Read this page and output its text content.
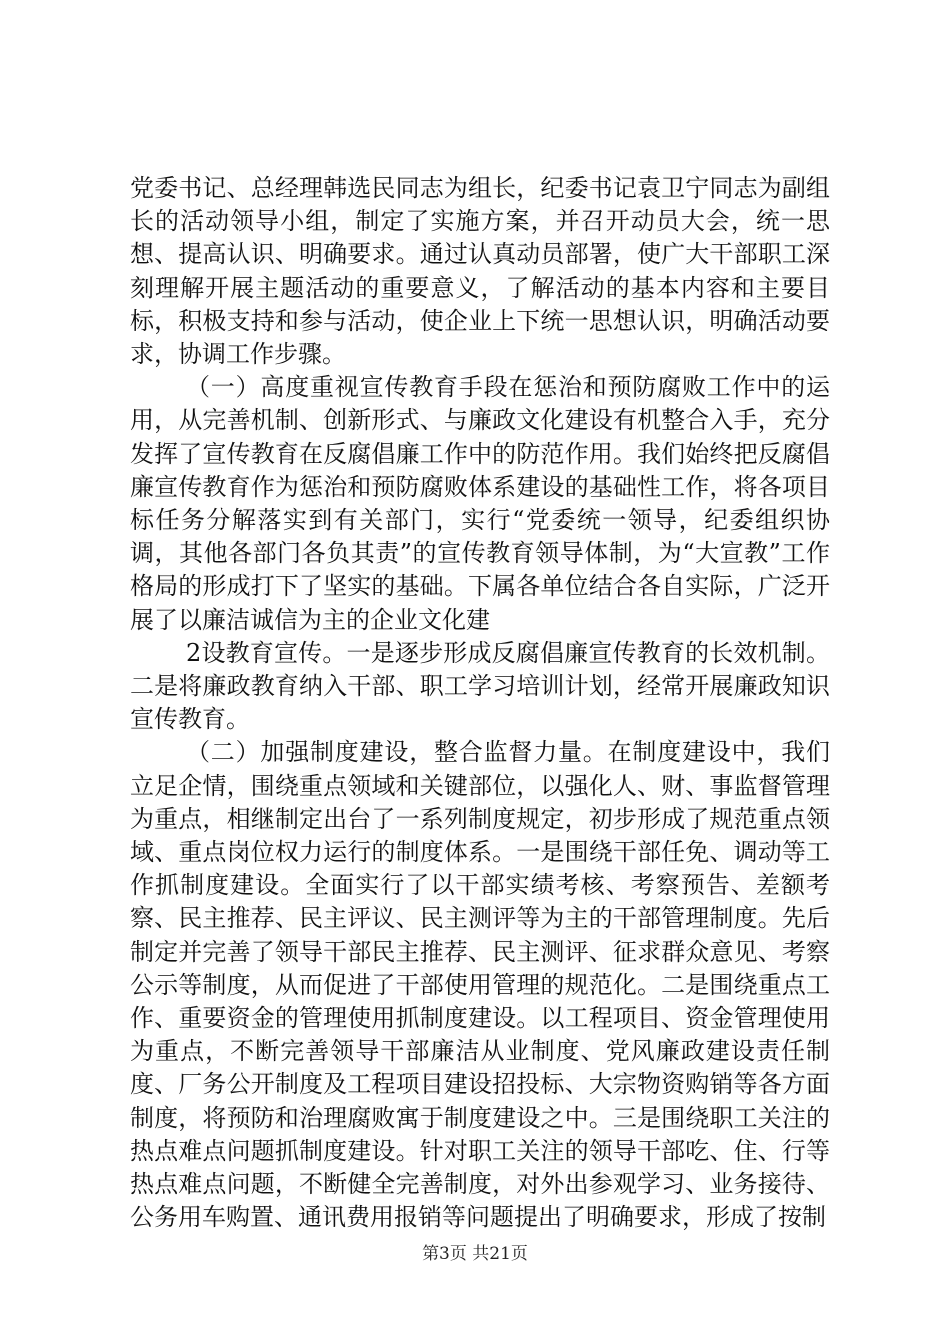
党委书记、总经理韩选民同志为组长，纪委书记袁卫宁同志为副组长的活动领导小组，制定了实施方案，并召开动员大会，统一思想、提高认识、明确要求。通过认真动员部署，使广大干部职工深刻理解开展主题活动的重要意义，了解活动的基本内容和主要目标，积极支持和参与活动，使企业上下统一思想认识，明确活动要求，协调工作步骤。

（一）高度重视宣传教育手段在惩治和预防腐败工作中的运用，从完善机制、创新形式、与廉政文化建设有机整合入手，充分发挥了宣传教育在反腐倡廉工作中的防范作用。我们始终把反腐倡廉宣传教育作为惩治和预防腐败体系建设的基础性工作，将各项目标任务分解落实到有关部门，实行“党委统一领导，纪委组织协调，其他各部门各负其责”的宣传教育领导体制，为“大宣教”工作格局的形成打下了坚实的基础。下属各单位结合各自实际，广泛开展了以廉洁诚信为主的企业文化建

2设教育宣传。一是逐步形成反腐倡廉宣传教育的长效机制。二是将廉政教育纳入干部、职工学习培训计划，经常开展廉政知识宣传教育。

（二）加强制度建设，整合监督力量。在制度建设中，我们立足企情，围绕重点领域和关键部位，以强化人、财、事监督管理为重点，相继制定出台了一系列制度规定，初步形成了规范重点领域、重点岗位权力运行的制度体系。一是围绕干部任免、调动等工作抓制度建设。全面实行了以干部实绩考核、考察预告、差额考察、民主推荐、民主评议、民主测评等为主的干部管理制度。先后制定并完善了领导干部民主推荐、民主测评、征求群众意见、考察公示等制度，从而促进了干部使用管理的规范化。二是围绕重点工作、重要资金的管理使用抓制度建设。以工程项目、资金管理使用为重点，不断完善领导干部廉洁从业制度、党风廉政建设责任制度、厂务公开制度及工程项目建设招投标、大宗物资购销等各方面制度，将预防和治理腐败寓于制度建设之中。三是围绕职工关注的热点难点问题抓制度建设。针对职工关注的领导干部吃、住、行等热点难点问题，不断健全完善制度，对外出参观学习、业务接待、公务用车购置、通讯费用报销等问题提出了明确要求，形成了按制

第3页 共21页
